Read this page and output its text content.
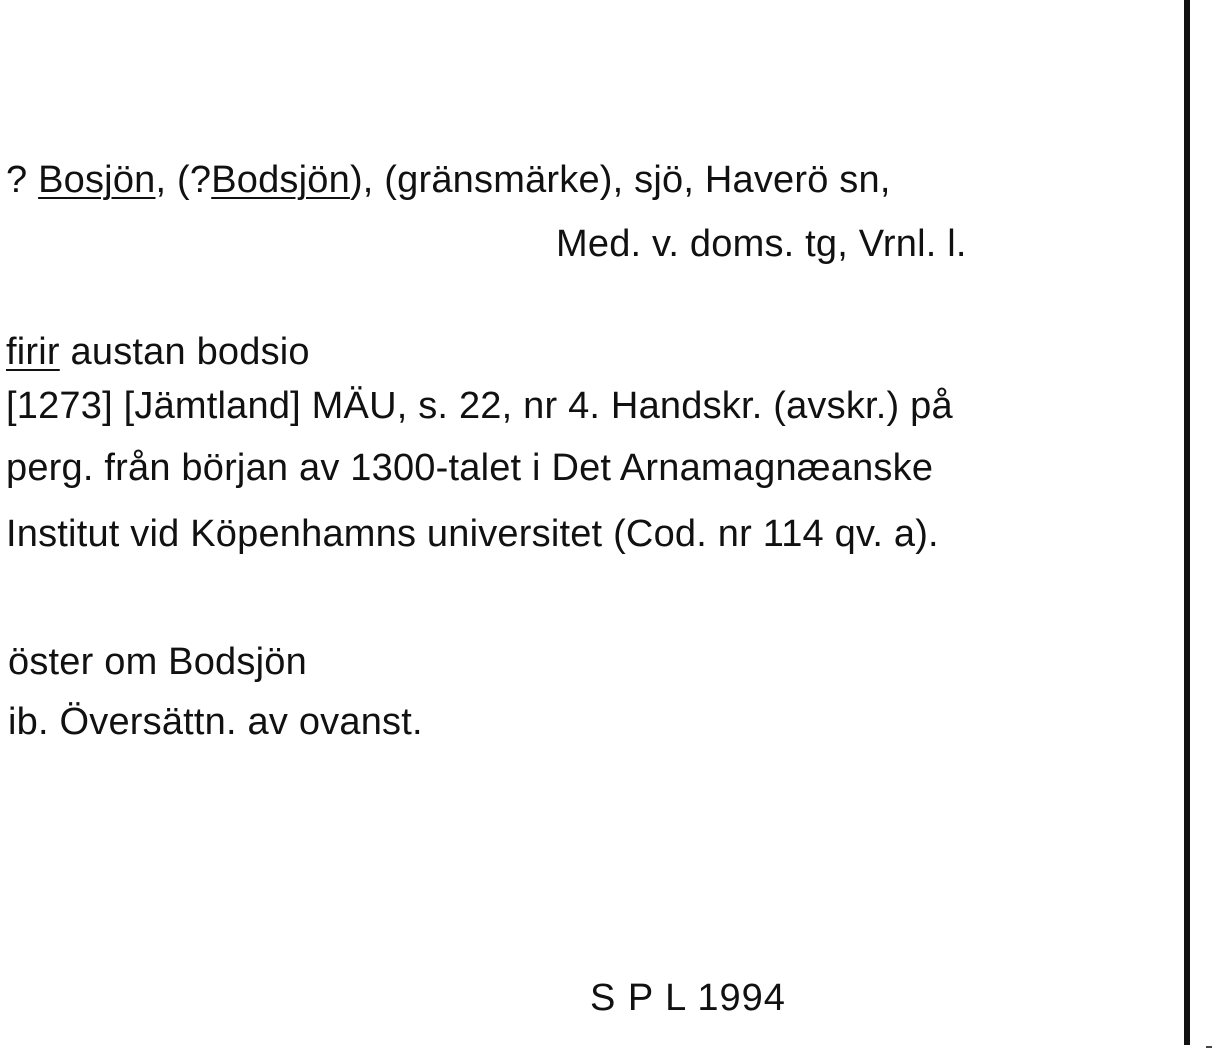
? Bosjön, (?Bodsjön), (gränsmärke), sjö, Haverö sn,
Med. v. doms. tg, Vrnl. l.
firir austan bodsio
[1273] [Jämtland] MÄU, s. 22, nr 4. Handskr. (avskr.) på
perg. från början av 1300-talet i Det Arnamagnæanske
Institut vid Köpenhamns universitet (Cod. nr 114 qv. a).
öster om Bodsjön
ib. Översättn. av ovanst.
S P L 1994
